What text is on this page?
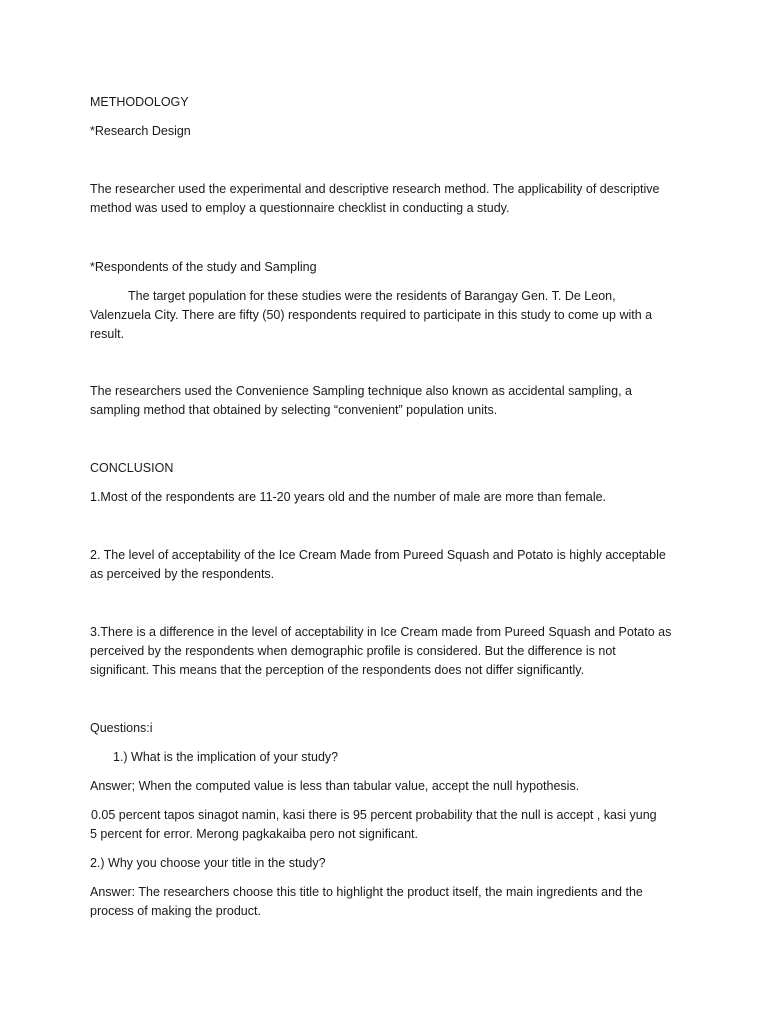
METHODOLOGY

*Research Design

The researcher used the experimental and descriptive research method. The applicability of descriptive

method was used to employ a questionnaire checklist in conducting a study.

*Respondents of the study and Sampling

The target population for these studies were the residents of Barangay Gen. T. De Leon,

Valenzuela City. There are fifty (50) respondents required to participate in this study to come up with a

result.

The researchers used the Convenience Sampling technique also known as accidental sampling, a

sampling method that obtained by selecting “convenient” population units.

CONCLUSION

1.Most of the respondents are 11-20 years old and the number of male are more than female.

2. The level of acceptability of the Ice Cream Made from Pureed Squash and Potato is highly acceptable

as perceived by the respondents.

3.There is a difference in the level of acceptability in Ice Cream made from Pureed Squash and Potato as

perceived by the respondents when demographic profile is considered. But the difference is not

significant. This means that the perception of the respondents does not differ significantly.

Questions:i

1.) What is the implication of your study?

Answer; When the computed value is less than tabular value, accept the null hypothesis.

0.05 percent tapos sinagot namin, kasi there is 95 percent probability that the null is accept , kasi yung

5 percent for error. Merong pagkakaiba pero not significant.

2.) Why you choose your title in the study?

Answer: The researchers choose this title to highlight the product itself, the main ingredients and the

process of making the product.
